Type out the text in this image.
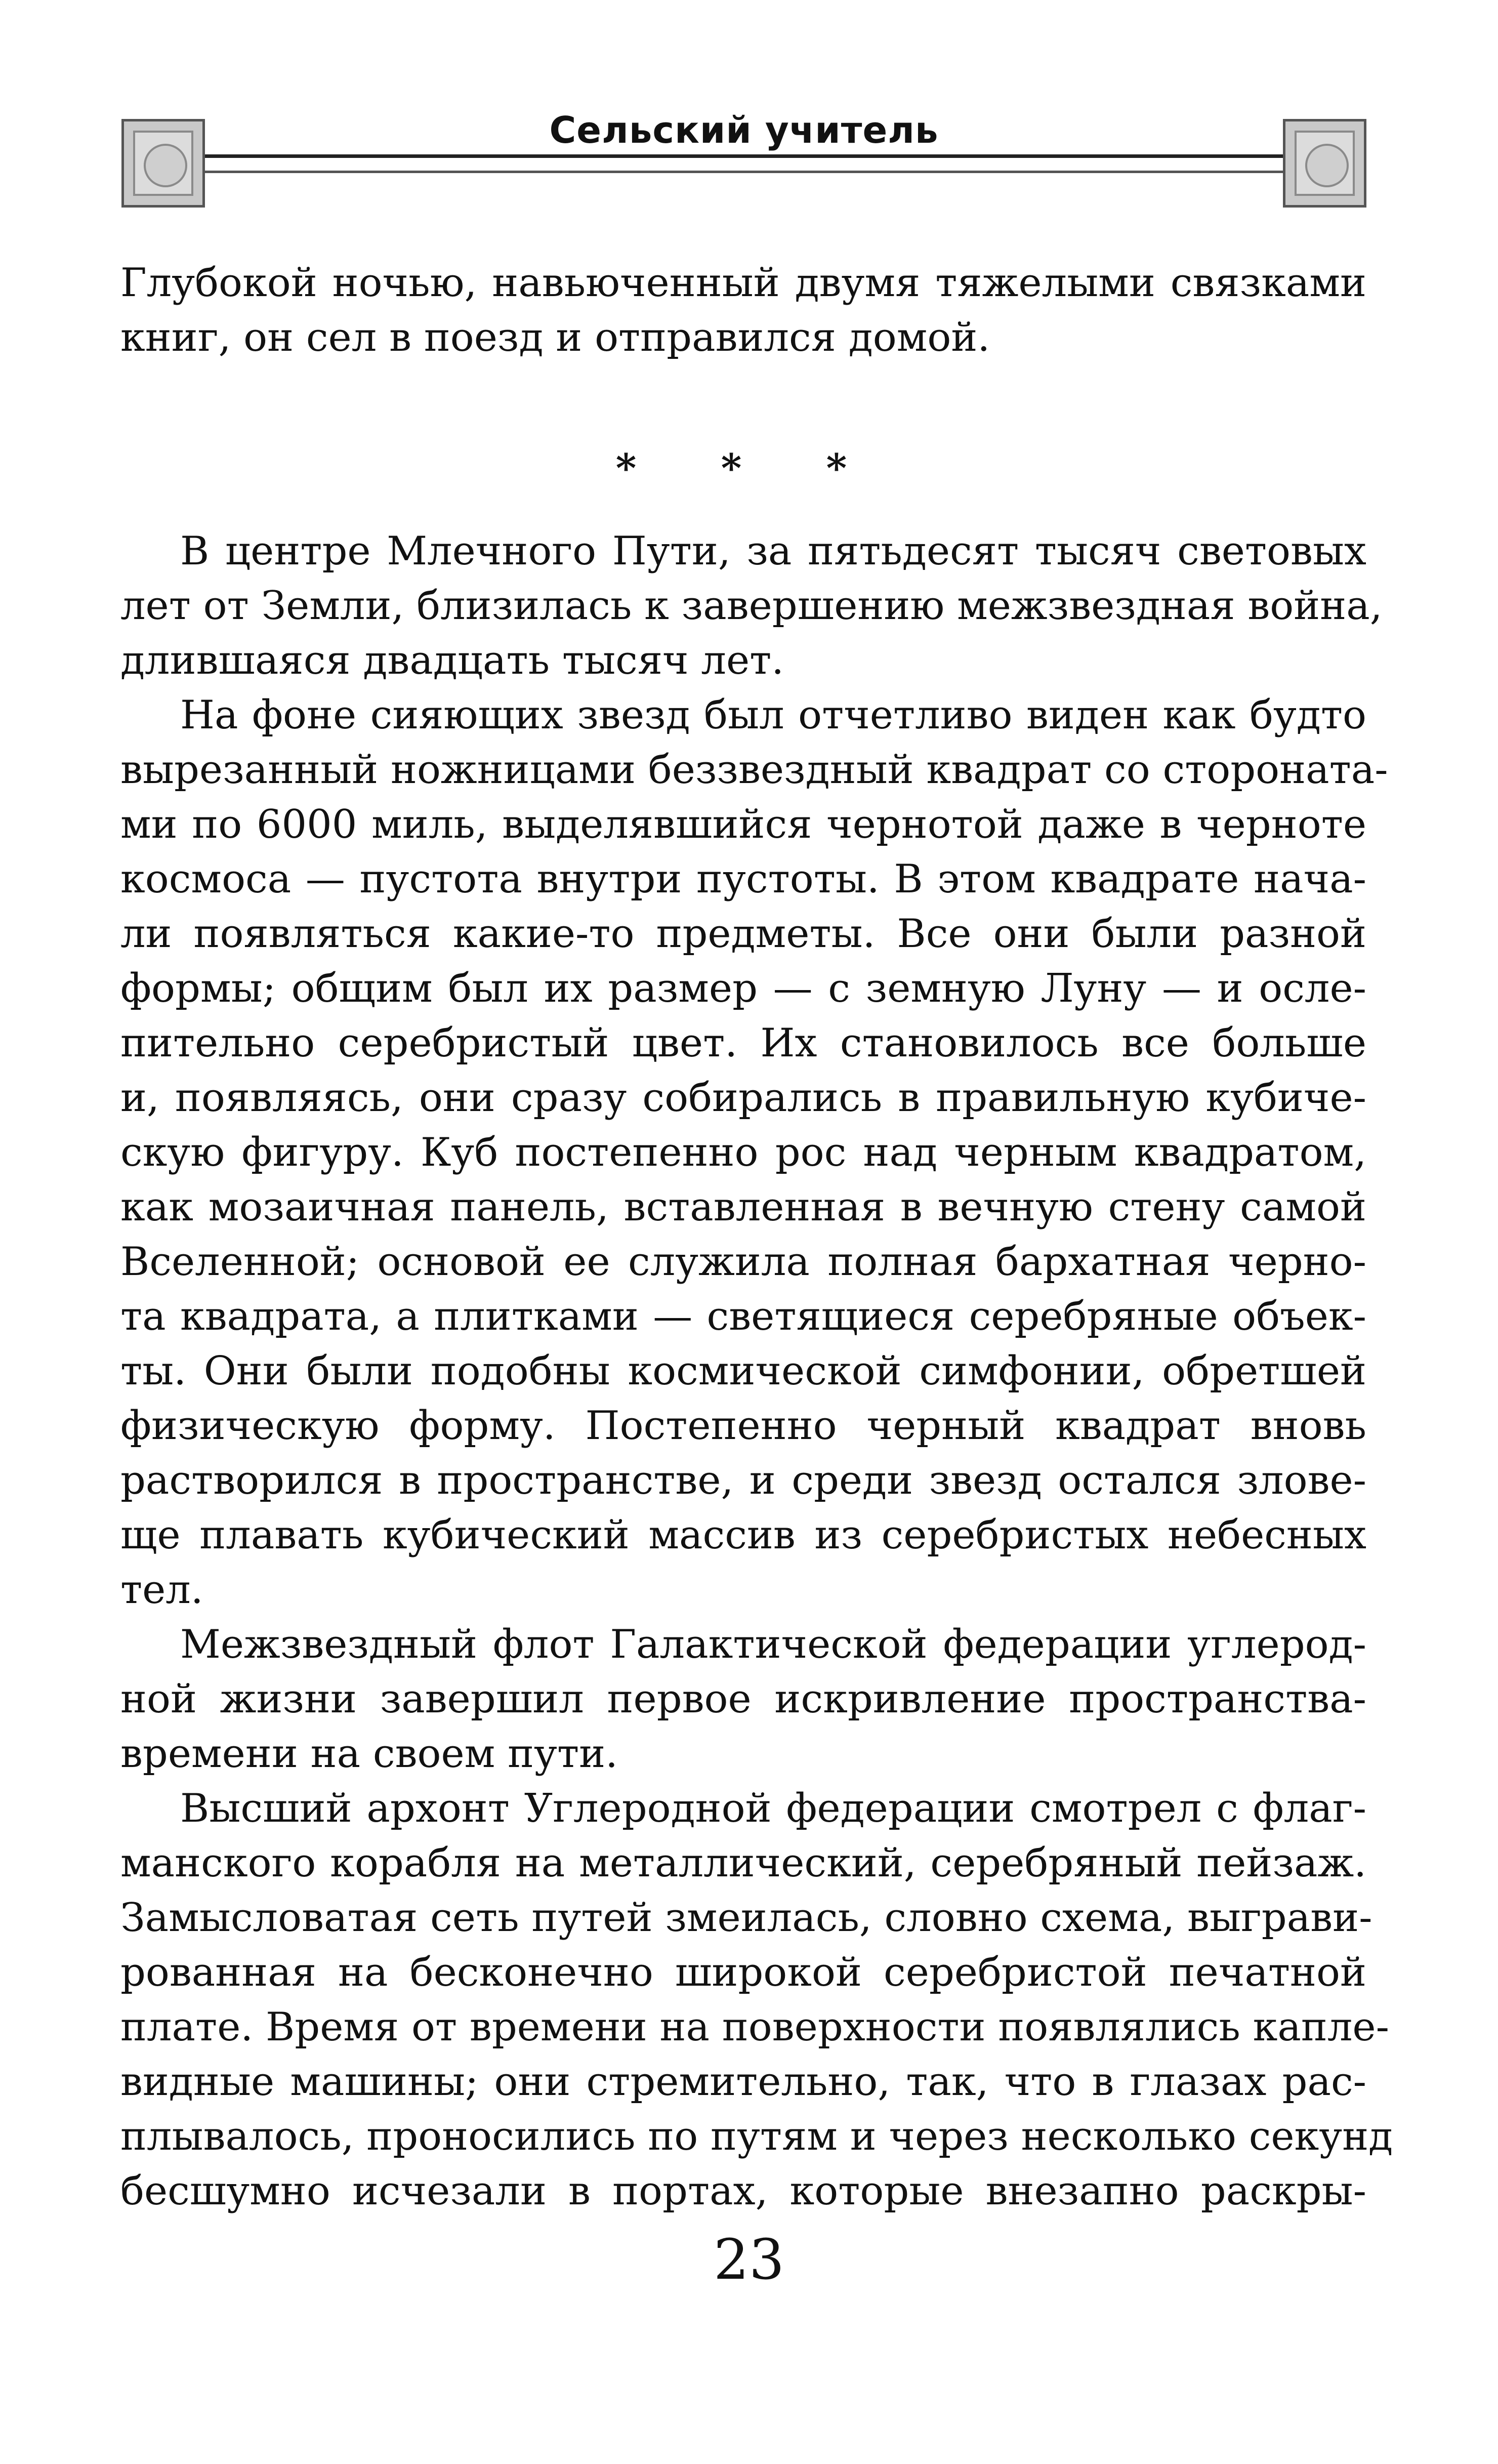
Сельский учитель
Глубокой ночью, навьюченный двумя тяжелыми связками
книг, он сел в поезд и отправился домой.
* * *
В центре Млечного Пути, за пятьдесят тысяч световых
лет от Земли, близилась к завершению межзвездная война,
длившаяся двадцать тысяч лет.
На фоне сияющих звезд был отчетливо виден как будто
вырезанный ножницами беззвездный квадрат со стороната-
ми по 6000 миль, выделявшийся чернотой даже в черноте
космоса — пустота внутри пустоты. В этом квадрате нача-
ли появляться какие-то предметы. Все они были разной
формы; общим был их размер — с земную Луну — и осле-
пительно серебристый цвет. Их становилось все больше
и, появляясь, они сразу собирались в правильную кубиче-
скую фигуру. Куб постепенно рос над черным квадратом,
как мозаичная панель, вставленная в вечную стену самой
Вселенной; основой ее служила полная бархатная черно-
та квадрата, а плитками — светящиеся серебряные объек-
ты. Они были подобны космической симфонии, обретшей
физическую форму. Постепенно черный квадрат вновь
растворился в пространстве, и среди звезд остался злове-
ще плавать кубический массив из серебристых небесных
тел.
Межзвездный флот Галактической федерации углерод-
ной жизни завершил первое искривление пространства-
времени на своем пути.
Высший архонт Углеродной федерации смотрел с флаг-
манского корабля на металлический, серебряный пейзаж.
Замысловатая сеть путей змеилась, словно схема, выграви-
рованная на бесконечно широкой серебристой печатной
плате. Время от времени на поверхности появлялись капле-
видные машины; они стремительно, так, что в глазах рас-
плывалось, проносились по путям и через несколько секунд
бесшумно исчезали в портах, которые внезапно раскры-
23
